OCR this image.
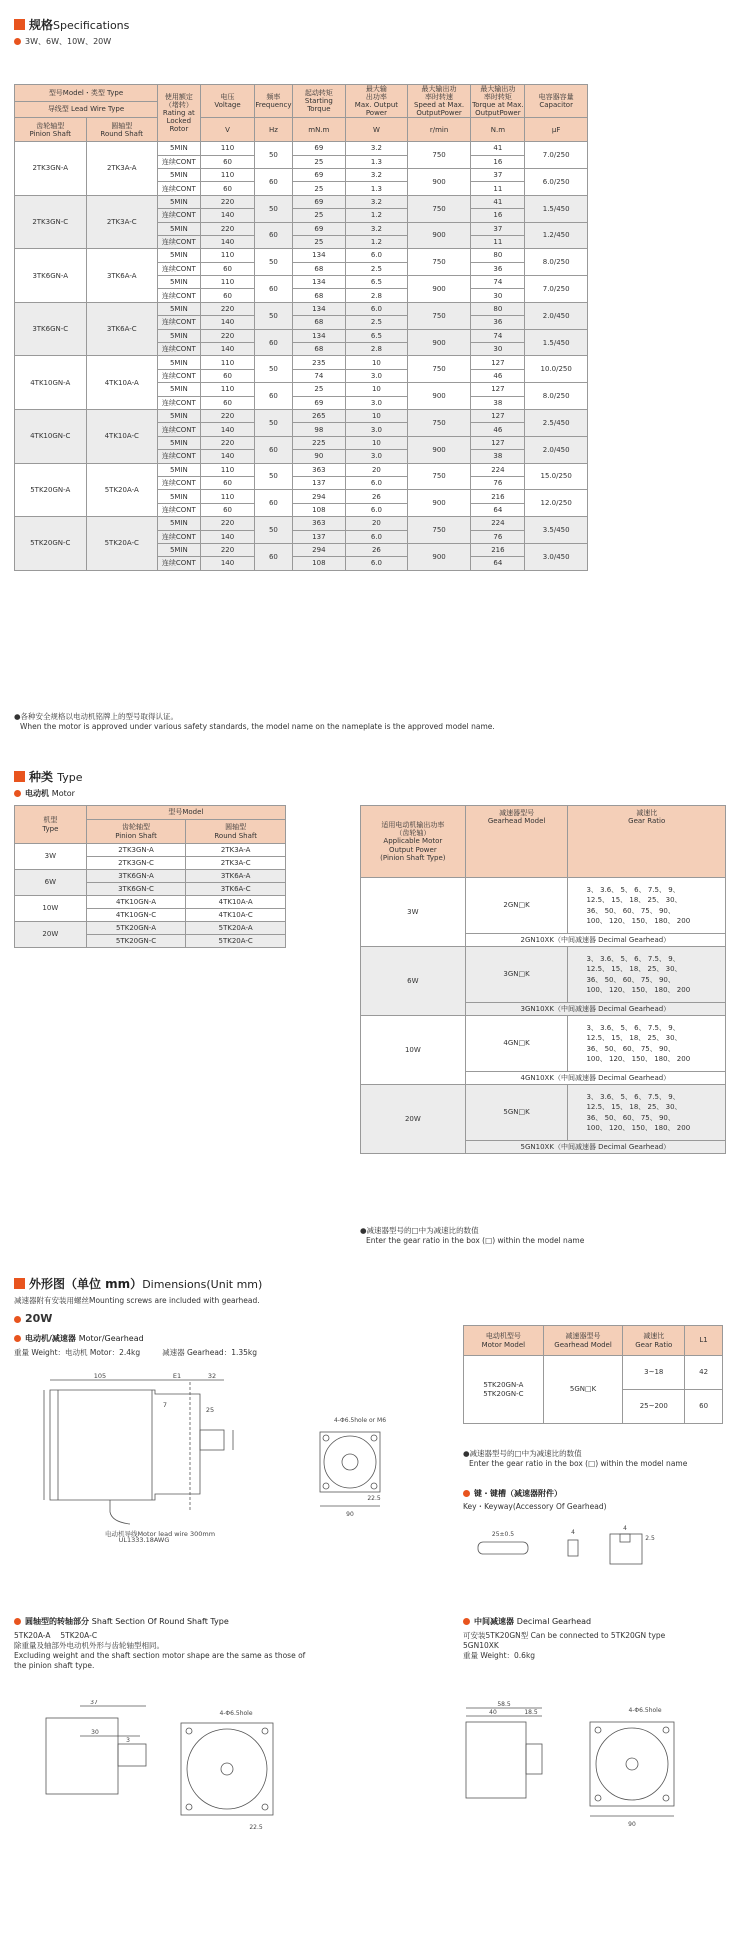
规格Specifications
3W、6W、10W、20W
型号Model・类型 Type		使用额定
（堵转）
Rating at
Locked
Rotor	电压
Voltage	频率
Frequency	起动转矩
Starting
Torque	最大输
出功率
Max. Output
Power	最大输出功
率时转速
Speed at Max.
OutputPower	最大输出功
率时转矩
Torque at Max.
OutputPower	电容器容量
Capacitor
导线型 Lead Wire Type									
齿轮轴型
Pinion Shaft	圆轴型
Round Shaft		V	Hz	mN.m	W	r/min	N.m	μF
2TK3GN-A	2TK3A-A	5MIN	110	50	69	3.2	750	41	7.0/250
		连续CONT	60		25	1.3		16	
		5MIN	110	60	69	3.2	900	37	6.0/250
		连续CONT	60		25	1.3		11	
2TK3GN-C	2TK3A-C	5MIN	220	50	69	3.2	750	41	1.5/450
		连续CONT	140		25	1.2		16	
		5MIN	220	60	69	3.2	900	37	1.2/450
		连续CONT	140		25	1.2		11	
3TK6GN-A	3TK6A-A	5MIN	110	50	134	6.0	750	80	8.0/250
		连续CONT	60		68	2.5		36	
		5MIN	110	60	134	6.5	900	74	7.0/250
		连续CONT	60		68	2.8		30	
3TK6GN-C	3TK6A-C	5MIN	220	50	134	6.0	750	80	2.0/450
		连续CONT	140		68	2.5		36	
		5MIN	220	60	134	6.5	900	74	1.5/450
		连续CONT	140		68	2.8		30	
4TK10GN-A	4TK10A-A	5MIN	110	50	235	10	750	127	10.0/250
		连续CONT	60		74	3.0		46	
		5MIN	110	60	25	10	900	127	8.0/250
		连续CONT	60		69	3.0		38	
4TK10GN-C	4TK10A-C	5MIN	220	50	265	10	750	127	2.5/450
		连续CONT	140		98	3.0		46	
		5MIN	220	60	225	10	900	127	2.0/450
		连续CONT	140		90	3.0		38	
5TK20GN-A	5TK20A-A	5MIN	110	50	363	20	750	224	15.0/250
		连续CONT	60		137	6.0		76	
		5MIN	110	60	294	26	900	216	12.0/250
		连续CONT	60		108	6.0		64	
5TK20GN-C	5TK20A-C	5MIN	220	50	363	20	750	224	3.5/450
		连续CONT	140		137	6.0		76	
		5MIN	220	60	294	26	900	216	3.0/450
		连续CONT	140		108	6.0		64	
●各种安全规格以电动机铭牌上的型号取得认证。
When the motor is approved under various safety standards, the model name on the nameplate is the approved model name.
种类 Type
电动机 Motor
机型
Type	型号Model	
	齿轮轴型
Pinion Shaft	圆轴型
Round Shaft
3W	2TK3GN-A	2TK3A-A
	2TK3GN-C	2TK3A-C
6W	3TK6GN-A	3TK6A-A
	3TK6GN-C	3TK6A-C
10W	4TK10GN-A	4TK10A-A
	4TK10GN-C	4TK10A-C
20W	5TK20GN-A	5TK20A-A
	5TK20GN-C	5TK20A-C
适用电动机输出功率
（齿轮轴）
Applicable Motor
Output Power
(Pinion Shaft Type)	减速器型号
Gearhead Model	减速比
Gear Ratio
3W	2GN□K	3、 3.6、 5、 6、 7.5、 9、
12.5、 15、 18、 25、 30、
36、 50、 60、 75、 90、
100、 120、 150、 180、 200
	2GN10XK（中间减速器 Decimal Gearhead）	
6W	3GN□K	3、 3.6、 5、 6、 7.5、 9、
12.5、 15、 18、 25、 30、
36、 50、 60、 75、 90、
100、 120、 150、 180、 200
	3GN10XK（中间减速器 Decimal Gearhead）	
10W	4GN□K	3、 3.6、 5、 6、 7.5、 9、
12.5、 15、 18、 25、 30、
36、 50、 60、 75、 90、
100、 120、 150、 180、 200
	4GN10XK（中间减速器 Decimal Gearhead）	
20W	5GN□K	3、 3.6、 5、 6、 7.5、 9、
12.5、 15、 18、 25、 30、
36、 50、 60、 75、 90、
100、 120、 150、 180、 200
	5GN10XK（中间减速器 Decimal Gearhead）	
●减速器型号的□中为减速比的数值
Enter the gear ratio in the box (□) within the model name
外形图（单位 mm）Dimensions(Unit mm)
减速器附有安装用螺丝Mounting screws are included with gearhead.
20W
电动机/减速器 Motor/Gearhead
重量 Weight：电动机 Motor：2.4kg	减速器 Gearhead：1.35kg
105	E1	32
7
25
电动机导线Motor lead wire 300mm
UL1333,18AWG
4-Φ6.5hole or M6
90
22.5
电动机型号
Motor Model	减速器型号
Gearhead Model	减速比
Gear Ratio	L1
5TK20GN-A
5TK20GN-C	5GN□K	3~18	42
		25~200	60
●减速器型号的□中为减速比的数值
Enter the gear ratio in the box (□) within the model name
键・键槽（减速器附件）
Key・Keyway(Accessory Of Gearhead)
25±0.5	4
4
2.5
圆轴型的转轴部分 Shaft Section Of Round Shaft Type
5TK20A-A　 5TK20A-C
除重量及轴部外电动机外形与齿轮轴型相同。
Excluding weight and the shaft section motor shape are the same as those of the pinion shaft type.
37
30
3
4-Φ6.5hole
22.5
中间减速器 Decimal Gearhead
可安装5TK20GN型 Can be connected to 5TK20GN type
5GN10XK
重量 Weight：0.6kg
58.5
40	18.5	4-Φ6.5hole
90
